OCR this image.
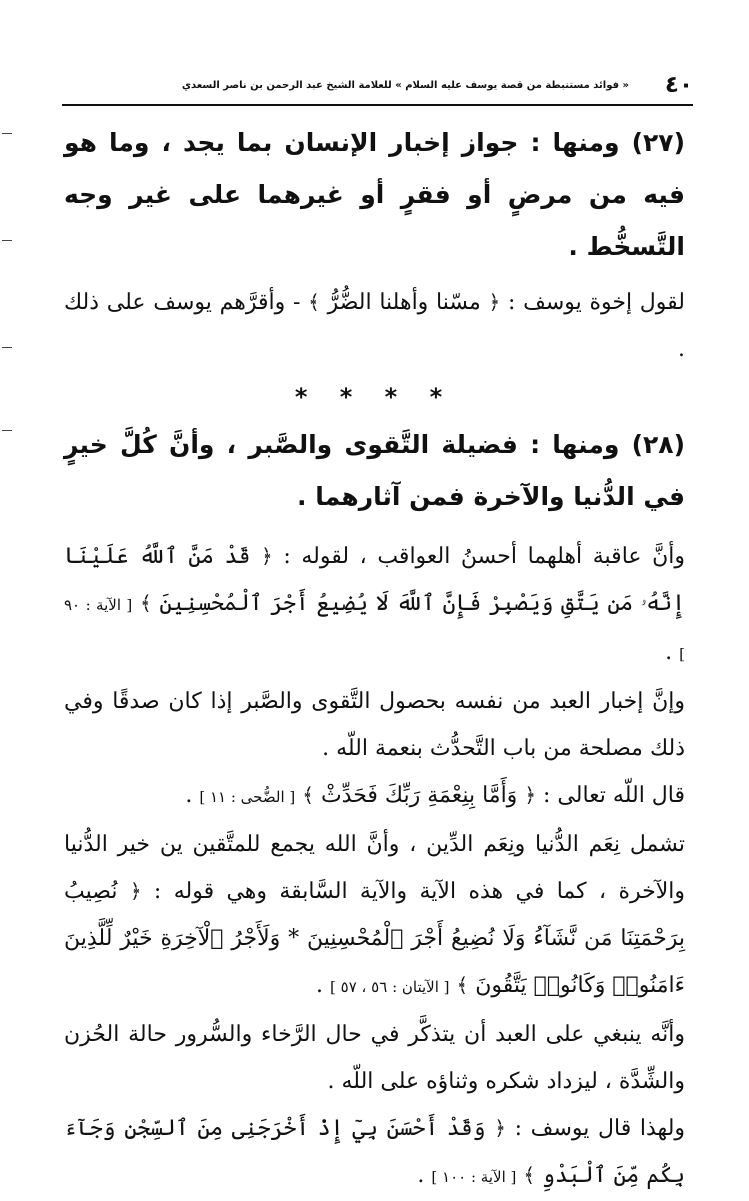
٤٠
« فوائد مستنبطة من قصة يوسف عليه السلام » للعلامة الشيخ عبد الرحمن بن ناصر السعدي

(٢٧) ومنها : جواز إخبار الإنسان بما يجد ، وما هو فيه من مرضٍ أو فقرٍ أو غيرهما على غير وجه التَّسخُّط .

لقول إخوة يوسف : ﴿ مسّنا وأهلنا الضُّرُّ ﴾ - وأقرَّهم يوسف على ذلك .

* * * *

(٢٨) ومنها : فضيلة التَّقوى والصَّبر ، وأنَّ كُلَّ خيرٍ في الدُّنيا والآخرة فمن آثارهما .

وأنَّ عاقبة أهلهما أحسنُ العواقب ، لقوله : ﴿ قَدْ مَنَّ ٱللَّهُ عَلَيْنَا إِنَّهُۥ مَن يَتَّقِ وَيَصْبِرْ فَإِنَّ ٱللَّهَ لَا يُضِيعُ أَجْرَ ٱلْمُحْسِنِينَ ﴾ [ الآية : ٩٠ ] .

وإنَّ إخبار العبد من نفسه بحصول التَّقوى والصَّبر إذا كان صدقًا وفي ذلك مصلحة من باب التَّحدُّث بنعمة اللّه .

قال اللّه تعالى : ﴿ وَأَمَّا بِنِعْمَةِ رَبِّكَ فَحَدِّثْ ﴾ [ الضُّحى : ١١ ] .

تشمل نِعَم الدُّنيا ونِعَم الدِّين ، وأنَّ الله يجمع للمتَّقين ين خير الدُّنيا والآخرة ، كما في هذه الآية والآية السَّابقة وهي قوله : ﴿ نُصِيبُ بِرَحْمَتِنَا مَن نَّشَآءُ وَلَا نُضِيعُ أَجْرَ ٱلْمُحْسِنِينَ * وَلَأَجْرُ ٱلْآخِرَةِ خَيْرٌ لِّلَّذِينَ ءَامَنُوا۟ وَكَانُوا۟ يَتَّقُونَ ﴾ [ الآيتان : ٥٦ ، ٥٧ ] .

وأنَّه ينبغي على العبد أن يتذكَّر في حال الرَّخاء والسُّرور حالة الحُزن والشِّدَّة ، ليزداد شكره وثناؤه على اللّه .

ولهذا قال يوسف : ﴿ وَقَدْ أَحْسَنَ بِيٓ إِذْ أَخْرَجَنِى مِنَ ٱلسِّجْنِ وَجَآءَ بِكُم مِّنَ ٱلْبَدْوِ ﴾ [ الآية : ١٠٠ ] .
